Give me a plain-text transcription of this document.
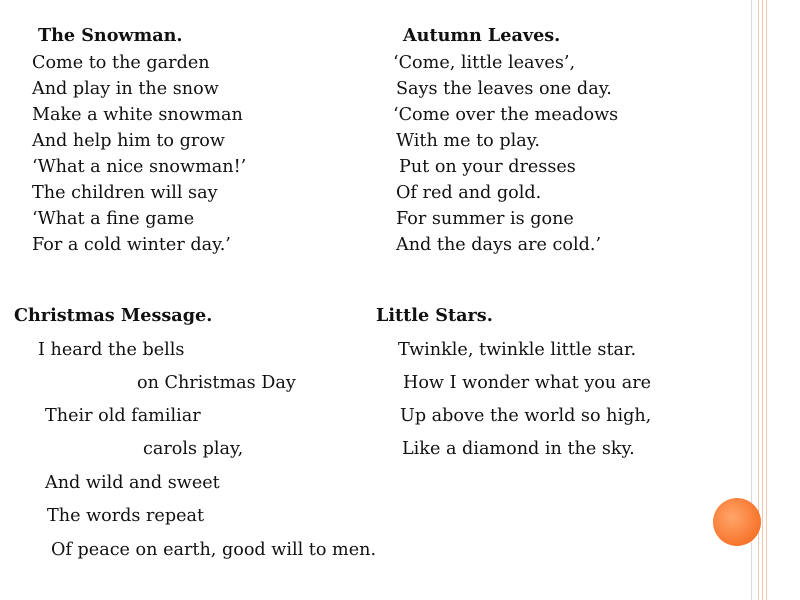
The Snowman.
Come to the garden
And play in the snow
Make a white snowman
And help him to grow
‘What a nice snowman!’
The children will say
‘What a fine game
For a cold winter day.’
Autumn Leaves.
‘Come, little leaves’,
Says the leaves one day.
‘Come over the meadows
With me to play.
Put on your dresses
Of red and gold.
For summer is gone
And the days are cold.’
Christmas Message.
I heard the bells
on Christmas Day
Their old familiar
carols play,
And wild and sweet
The words repeat
Of peace on earth, good will to men.
Little Stars.
Twinkle, twinkle little star.
How I wonder what you are
Up above the world so high,
Like a diamond in the sky.
